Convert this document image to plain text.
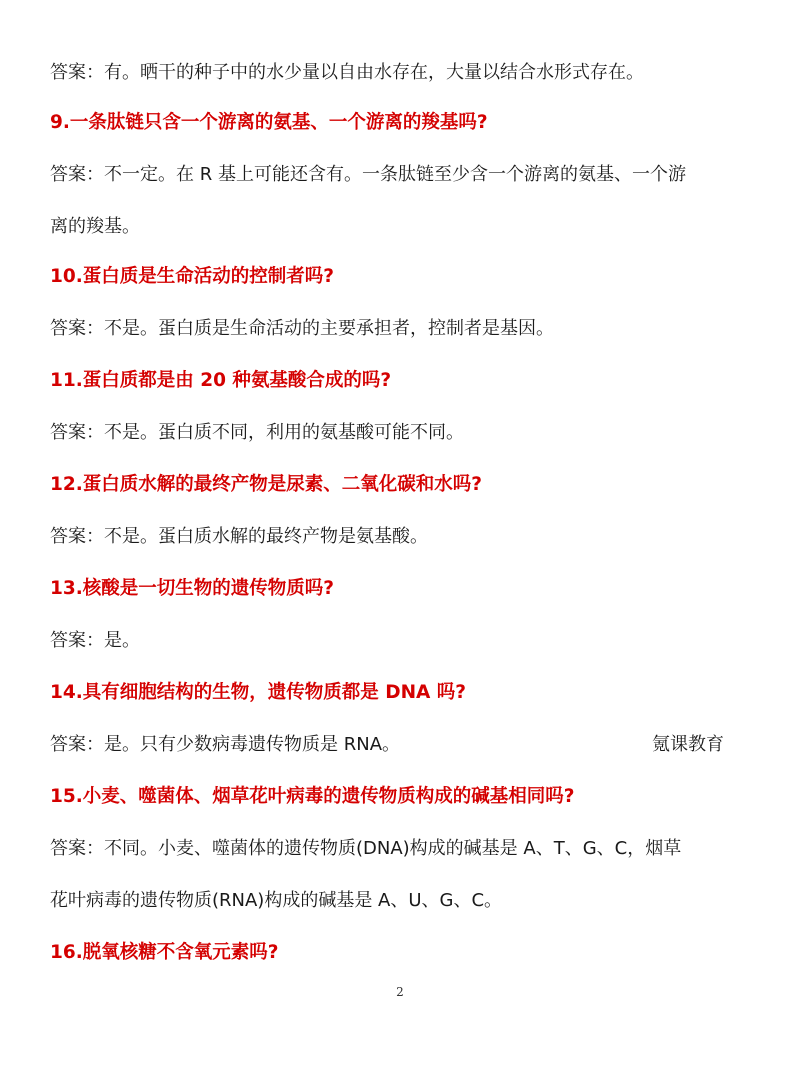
答案：有。晒干的种子中的水少量以自由水存在，大量以结合水形式存在。
9.一条肽链只含一个游离的氨基、一个游离的羧基吗?
答案：不一定。在 R 基上可能还含有。一条肽链至少含一个游离的氨基、一个游
离的羧基。
10.蛋白质是生命活动的控制者吗?
答案：不是。蛋白质是生命活动的主要承担者，控制者是基因。
11.蛋白质都是由 20 种氨基酸合成的吗?
答案：不是。蛋白质不同，利用的氨基酸可能不同。
12.蛋白质水解的最终产物是尿素、二氧化碳和水吗?
答案：不是。蛋白质水解的最终产物是氨基酸。
13.核酸是一切生物的遗传物质吗?
答案：是。
14.具有细胞结构的生物，遗传物质都是 DNA 吗?
答案：是。只有少数病毒遗传物质是 RNA。
15.小麦、噬菌体、烟草花叶病毒的遗传物质构成的碱基相同吗?
答案：不同。小麦、噬菌体的遗传物质(DNA)构成的碱基是 A、T、G、C，烟草
花叶病毒的遗传物质(RNA)构成的碱基是 A、U、G、C。
16.脱氧核糖不含氧元素吗?
氪课教育
2
